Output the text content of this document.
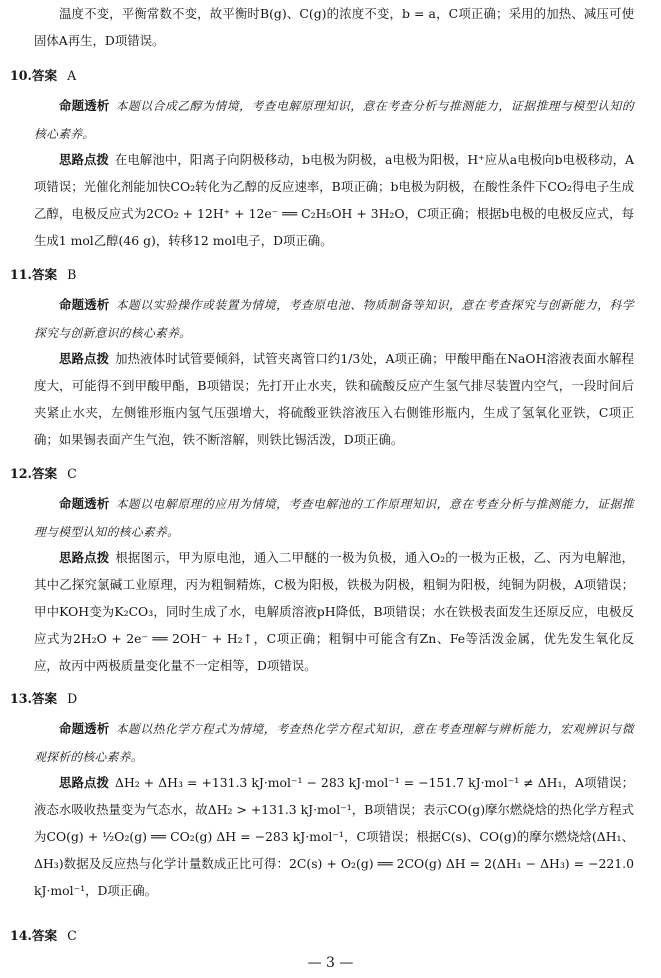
温度不变，平衡常数不变，故平衡时B(g)、C(g)的浓度不变，b = a，C项正确；采用的加热、减压可使固体A再生，D项错误。

10.答案 A

命题透析 本题以合成乙醇为情境，考查电解原理知识，意在考查分析与推测能力，证据推理与模型认知的核心素养。

思路点拨 在电解池中，阳离子向阴极移动，b电极为阴极，a电极为阳极，H⁺应从a电极向b电极移动，A项错误；光催化剂能加快CO₂转化为乙醇的反应速率，B项正确；b电极为阴极，在酸性条件下CO₂得电子生成乙醇，电极反应式为2CO₂ + 12H⁺ + 12e⁻ ══ C₂H₅OH + 3H₂O，C项正确；根据b电极的电极反应式，每生成1 mol乙醇(46 g)，转移12 mol电子，D项正确。

11.答案 B

命题透析 本题以实验操作或装置为情境，考查原电池、物质制备等知识，意在考查探究与创新能力，科学探究与创新意识的核心素养。

思路点拨 加热液体时试管要倾斜，试管夹离管口约1/3处，A项正确；甲酸甲酯在NaOH溶液表面水解程度大，可能得不到甲酸甲酯，B项错误；先打开止水夹，铁和硫酸反应产生氢气排尽装置内空气，一段时间后夹紧止水夹，左侧锥形瓶内氢气压强增大，将硫酸亚铁溶液压入右侧锥形瓶内，生成了氢氧化亚铁，C项正确；如果锡表面产生气泡，铁不断溶解，则铁比锡活泼，D项正确。

12.答案 C

命题透析 本题以电解原理的应用为情境，考查电解池的工作原理知识，意在考查分析与推测能力，证据推理与模型认知的核心素养。

思路点拨 根据图示，甲为原电池，通入二甲醚的一极为负极，通入O₂的一极为正极，乙、丙为电解池，其中乙探究氯碱工业原理，丙为粗铜精炼，C极为阳极，铁极为阴极，粗铜为阳极，纯铜为阴极，A项错误；甲中KOH变为K₂CO₃，同时生成了水，电解质溶液pH降低，B项错误；水在铁极表面发生还原反应，电极反应式为2H₂O + 2e⁻ ══ 2OH⁻ + H₂↑，C项正确；粗铜中可能含有Zn、Fe等活泼金属，优先发生氧化反应，故丙中两极质量变化量不一定相等，D项错误。

13.答案 D

命题透析 本题以热化学方程式为情境，考查热化学方程式知识，意在考查理解与辨析能力，宏观辨识与微观探析的核心素养。

思路点拨 ΔH₂ + ΔH₃ = +131.3 kJ·mol⁻¹ − 283 kJ·mol⁻¹ = −151.7 kJ·mol⁻¹ ≠ ΔH₁，A项错误；液态水吸收热量变为气态水，故ΔH₂ > +131.3 kJ·mol⁻¹，B项错误；表示CO(g)摩尔燃烧焓的热化学方程式为CO(g) + ½O₂(g) ══ CO₂(g) ΔH = −283 kJ·mol⁻¹，C项错误；根据C(s)、CO(g)的摩尔燃烧焓(ΔH₁、ΔH₃)数据及反应热与化学计量数成正比可得：2C(s) + O₂(g) ══ 2CO(g) ΔH = 2(ΔH₁ − ΔH₃) = −221.0 kJ·mol⁻¹，D项正确。

14.答案 C

— 3 —
